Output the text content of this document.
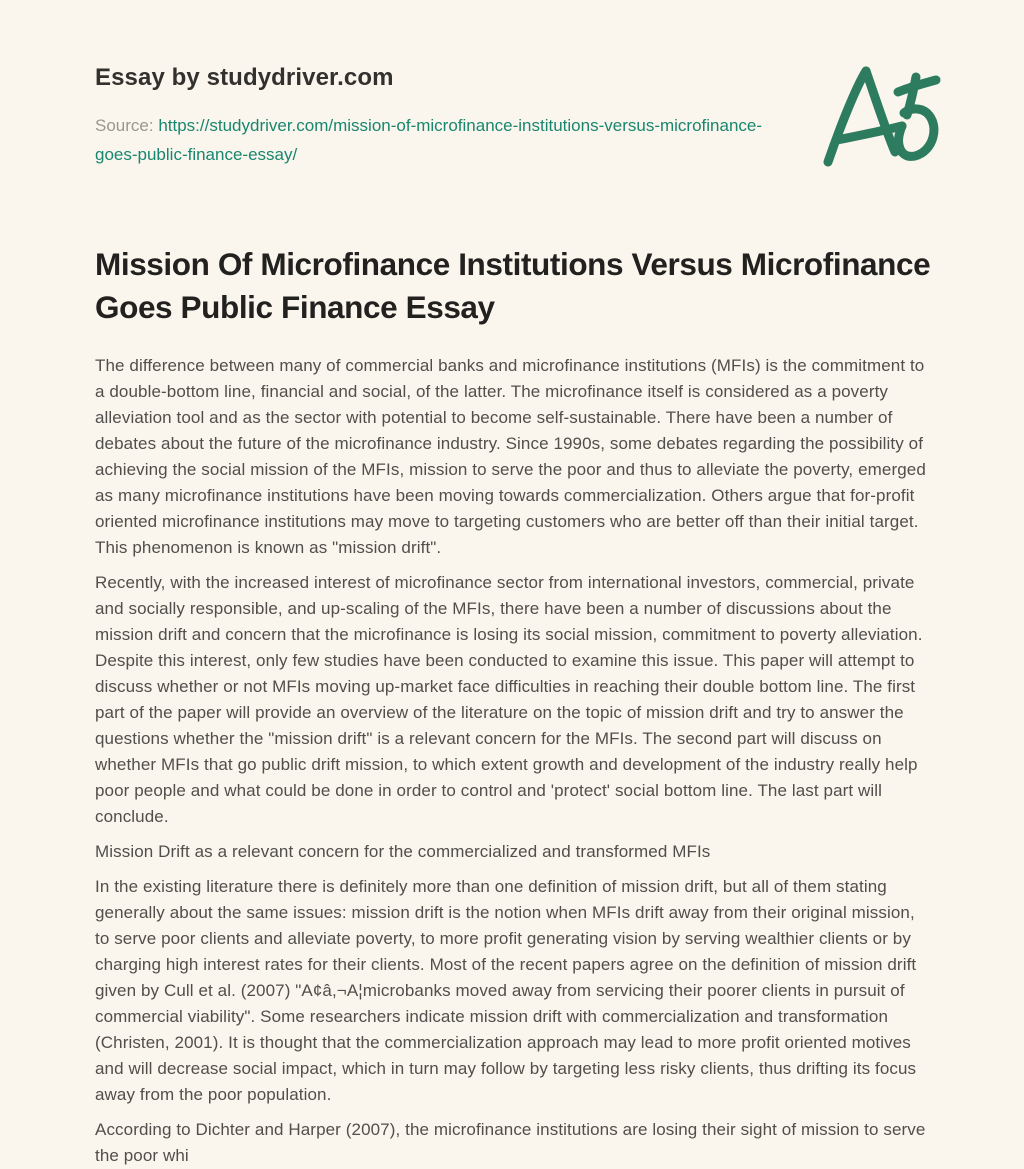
Essay by studydriver.com
Source: https://studydriver.com/mission-of-microfinance-institutions-versus-microfinance-goes-public-finance-essay/
Mission Of Microfinance Institutions Versus Microfinance Goes Public Finance Essay

The difference between many of commercial banks and microfinance institutions (MFIs) is the commitment to a double-bottom line, financial and social, of the latter. The microfinance itself is considered as a poverty alleviation tool and as the sector with potential to become self-sustainable. There have been a number of debates about the future of the microfinance industry. Since 1990s, some debates regarding the possibility of achieving the social mission of the MFIs, mission to serve the poor and thus to alleviate the poverty, emerged as many microfinance institutions have been moving towards commercialization. Others argue that for-profit oriented microfinance institutions may move to targeting customers who are better off than their initial target. This phenomenon is known as "mission drift".

Recently, with the increased interest of microfinance sector from international investors, commercial, private and socially responsible, and up-scaling of the MFIs, there have been a number of discussions about the mission drift and concern that the microfinance is losing its social mission, commitment to poverty alleviation. Despite this interest, only few studies have been conducted to examine this issue. This paper will attempt to discuss whether or not MFIs moving up-market face difficulties in reaching their double bottom line. The first part of the paper will provide an overview of the literature on the topic of mission drift and try to answer the questions whether the "mission drift" is a relevant concern for the MFIs. The second part will discuss on whether MFIs that go public drift mission, to which extent growth and development of the industry really help poor people and what could be done in order to control and 'protect' social bottom line. The last part will conclude.

Mission Drift as a relevant concern for the commercialized and transformed MFIs

In the existing literature there is definitely more than one definition of mission drift, but all of them stating generally about the same issues: mission drift is the notion when MFIs drift away from their original mission, to serve poor clients and alleviate poverty, to more profit generating vision by serving wealthier clients or by charging high interest rates for their clients. Most of the recent papers agree on the definition of mission drift given by Cull et al. (2007) "A¢â,¬A¦microbanks moved away from servicing their poorer clients in pursuit of commercial viability". Some researchers indicate mission drift with commercialization and transformation (Christen, 2001). It is thought that the commercialization approach may lead to more profit oriented motives and will decrease social impact, which in turn may follow by targeting less risky clients, thus drifting its focus away from the poor population.

According to Dichter and Harper (2007), the microfinance institutions are losing their sight of mission to serve the poor whi
